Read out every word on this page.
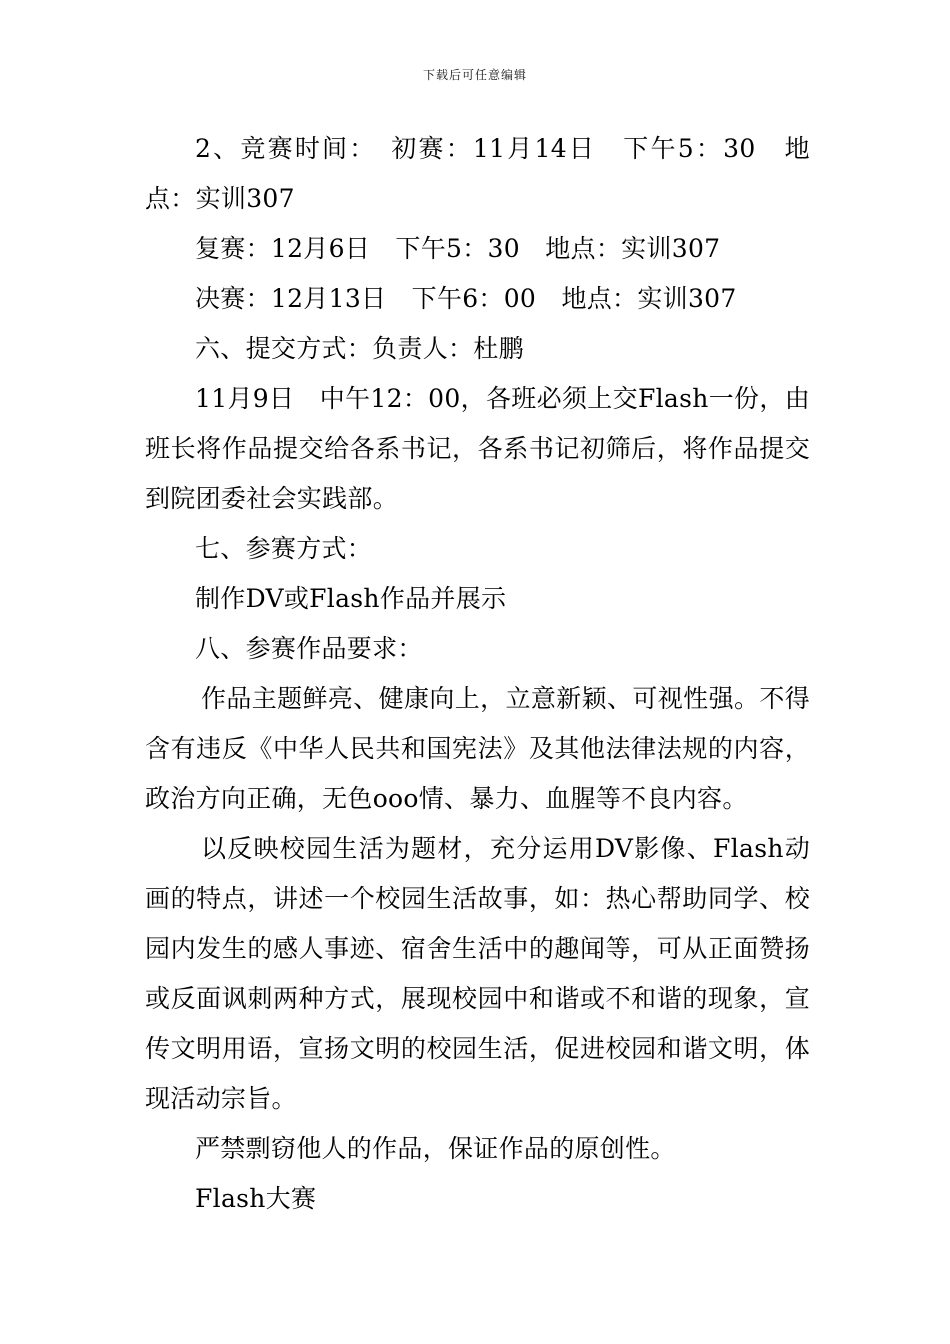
下载后可任意编辑

2、竞赛时间：　初赛：11月14日　下午5：30　地点：实训307

复赛：12月6日　下午5：30　地点：实训307

决赛：12月13日　下午6：00　地点：实训307

六、提交方式：负责人：杜鹏

11月9日　中午12：00，各班必须上交Flash一份，由班长将作品提交给各系书记，各系书记初筛后，将作品提交到院团委社会实践部。

七、参赛方式：

制作DV或Flash作品并展示

八、参赛作品要求：

作品主题鲜亮、健康向上，立意新颖、可视性强。不得含有违反《中华人民共和国宪法》及其他法律法规的内容，政治方向正确，无色ooo情、暴力、血腥等不良内容。

以反映校园生活为题材，充分运用DV影像、Flash动画的特点，讲述一个校园生活故事，如：热心帮助同学、校园内发生的感人事迹、宿舍生活中的趣闻等，可从正面赞扬或反面讽刺两种方式，展现校园中和谐或不和谐的现象，宣传文明用语，宣扬文明的校园生活，促进校园和谐文明，体现活动宗旨。

严禁剽窃他人的作品，保证作品的原创性。

Flash大赛
